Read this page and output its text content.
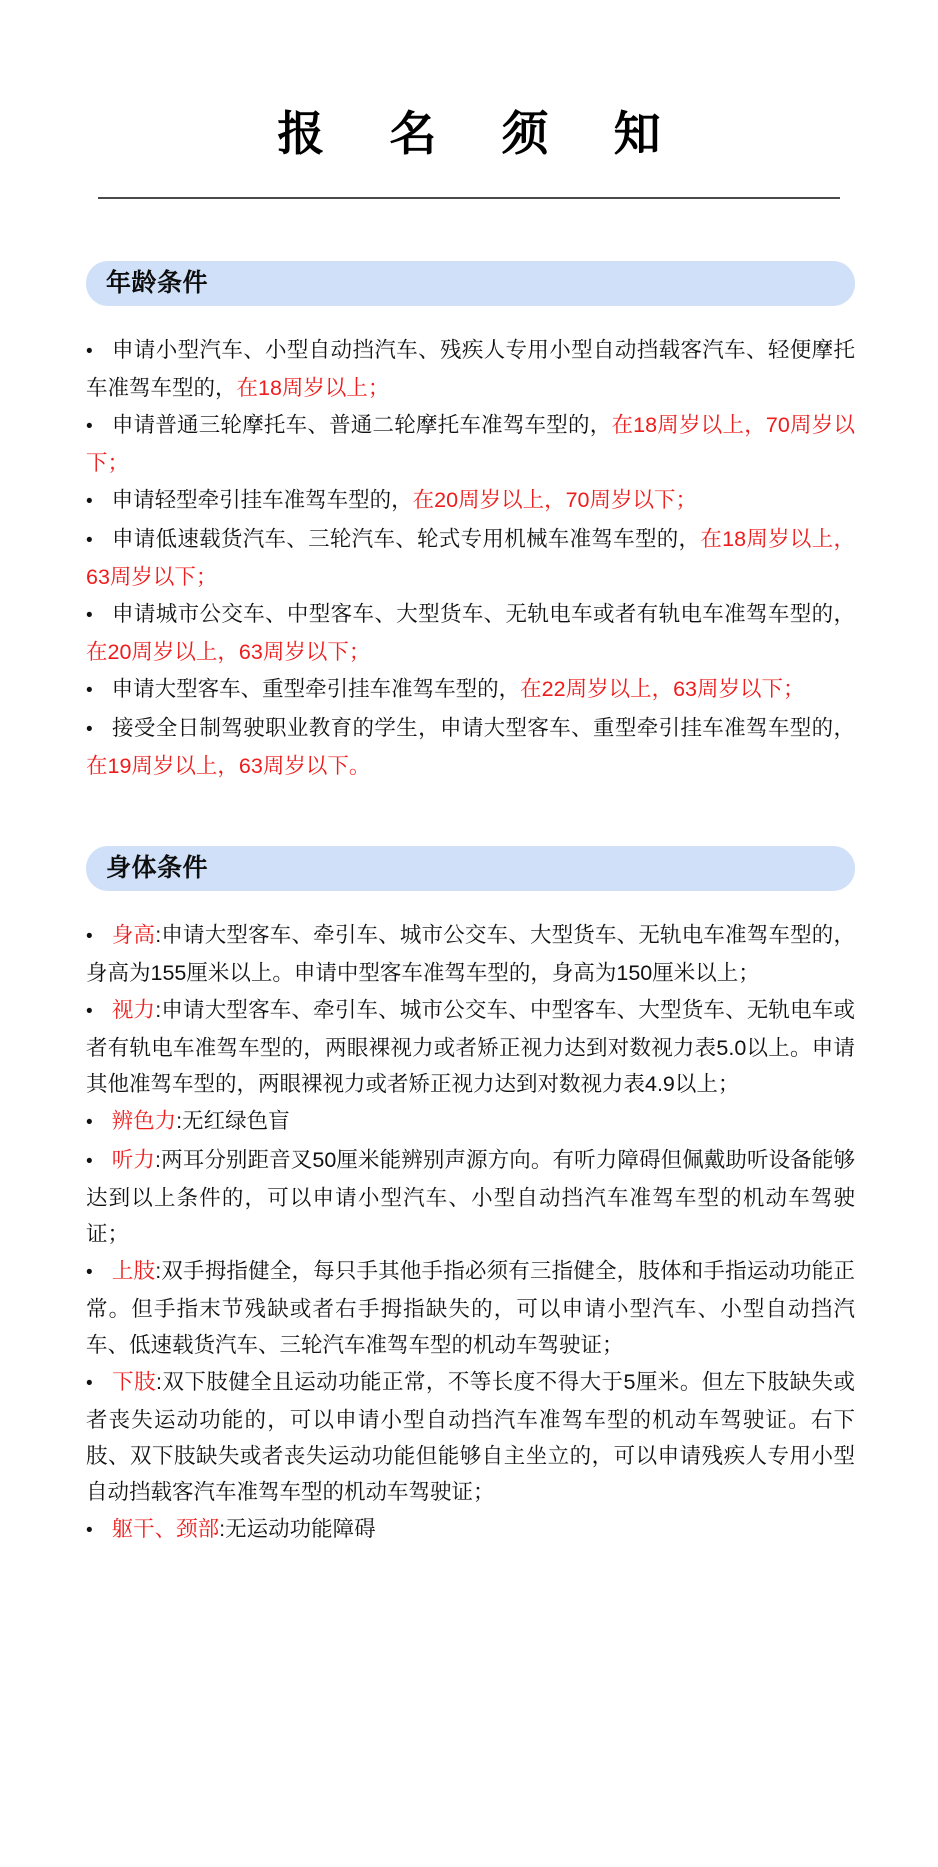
报 名 须 知
年龄条件
• 申请小型汽车、小型自动挡汽车、残疾人专用小型自动挡载客汽车、轻便摩托车准驾车型的，在18周岁以上；
• 申请普通三轮摩托车、普通二轮摩托车准驾车型的，在18周岁以上，70周岁以下；
• 申请轻型牵引挂车准驾车型的，在20周岁以上，70周岁以下；
• 申请低速载货汽车、三轮汽车、轮式专用机械车准驾车型的，在18周岁以上，63周岁以下；
• 申请城市公交车、中型客车、大型货车、无轨电车或者有轨电车准驾车型的，在20周岁以上，63周岁以下；
• 申请大型客车、重型牵引挂车准驾车型的，在22周岁以上，63周岁以下；
• 接受全日制驾驶职业教育的学生，申请大型客车、重型牵引挂车准驾车型的，在19周岁以上，63周岁以下。
身体条件
• 身高:申请大型客车、牵引车、城市公交车、大型货车、无轨电车准驾车型的，身高为155厘米以上。申请中型客车准驾车型的，身高为150厘米以上；
• 视力:申请大型客车、牵引车、城市公交车、中型客车、大型货车、无轨电车或者有轨电车准驾车型的，两眼裸视力或者矫正视力达到对数视力表5.0以上。申请其他准驾车型的，两眼裸视力或者矫正视力达到对数视力表4.9以上；
• 辨色力:无红绿色盲
• 听力:两耳分别距音叉50厘米能辨别声源方向。有听力障碍但佩戴助听设备能够达到以上条件的，可以申请小型汽车、小型自动挡汽车准驾车型的机动车驾驶证；
• 上肢:双手拇指健全，每只手其他手指必须有三指健全，肢体和手指运动功能正常。但手指末节残缺或者右手拇指缺失的，可以申请小型汽车、小型自动挡汽车、低速载货汽车、三轮汽车准驾车型的机动车驾驶证；
• 下肢:双下肢健全且运动功能正常，不等长度不得大于5厘米。但左下肢缺失或者丧失运动功能的，可以申请小型自动挡汽车准驾车型的机动车驾驶证。右下肢、双下肢缺失或者丧失运动功能但能够自主坐立的，可以申请残疾人专用小型自动挡载客汽车准驾车型的机动车驾驶证；
• 躯干、颈部:无运动功能障碍
